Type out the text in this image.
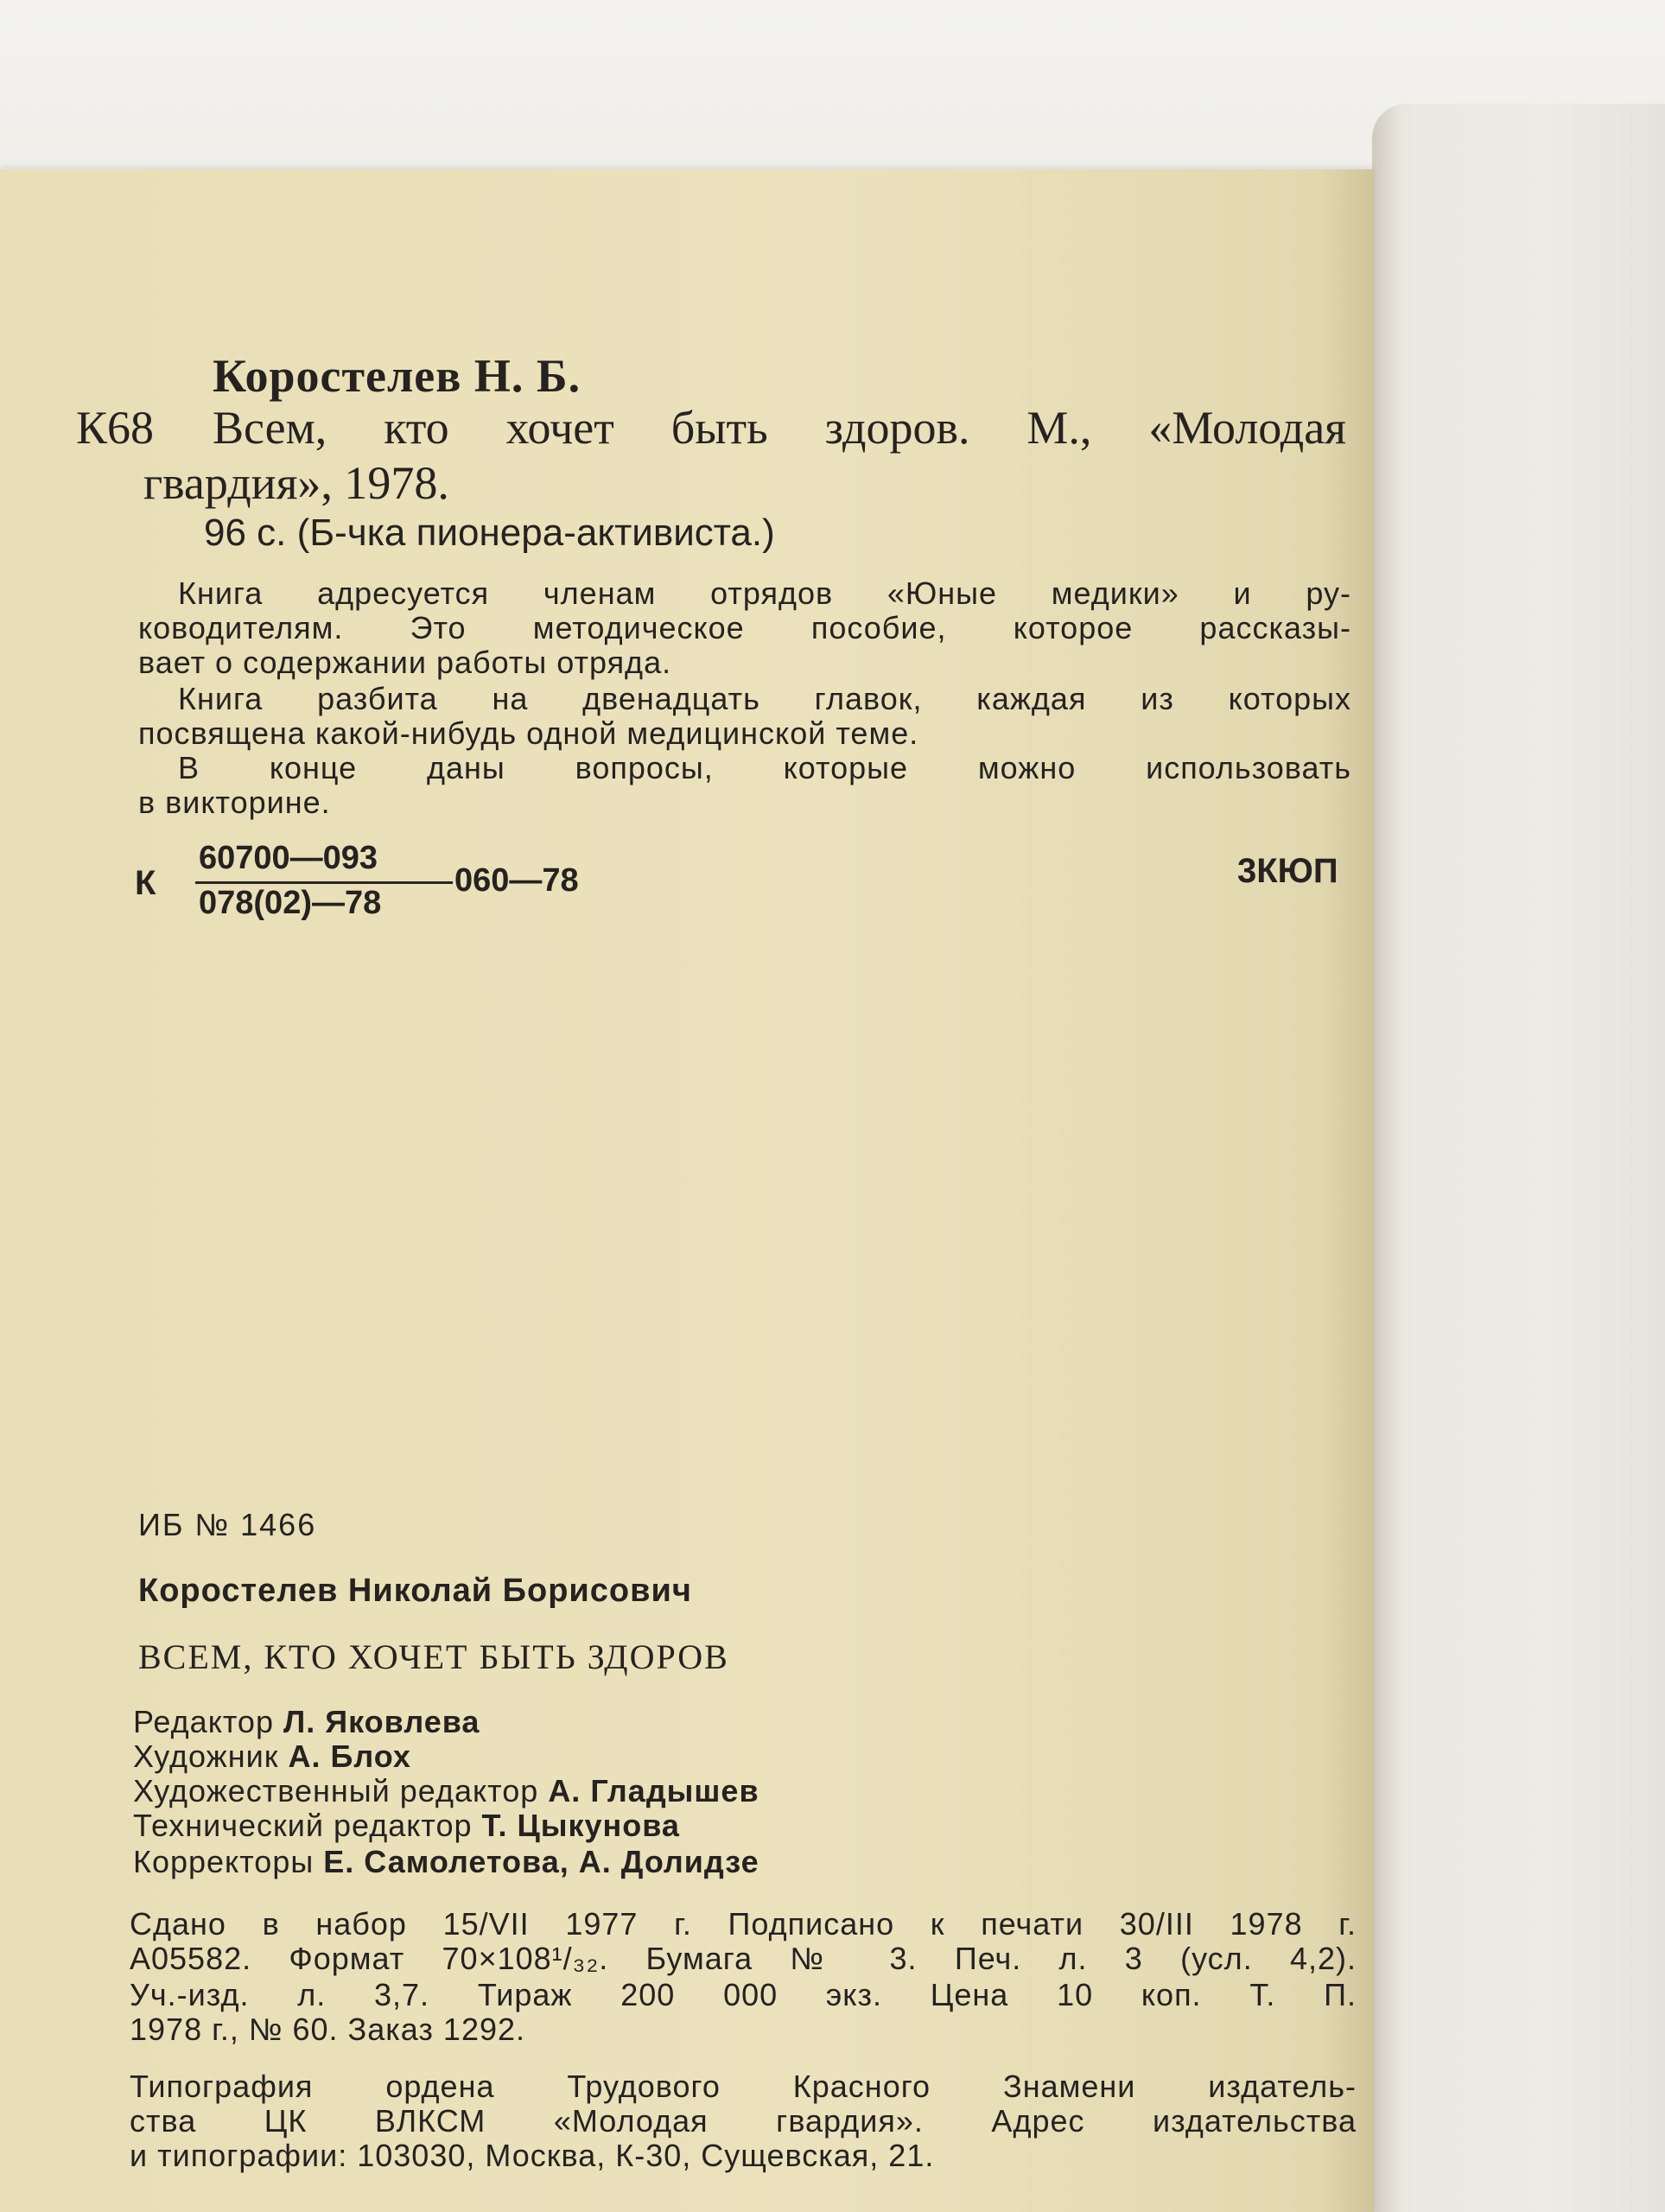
Коростелев Н. Б.

К68 Всем, кто хочет быть здоров. М., «Молодая

гвардия», 1978.

96 с. (Б-чка пионера-активиста.)

Книга адресуется членам отрядов «Юные медики» и ру-

ководителям. Это методическое пособие, которое рассказы-

вает о содержании работы отряда.

Книга разбита на двенадцать главок, каждая из которых

посвящена какой-нибудь одной медицинской теме.

В конце даны вопросы, которые можно использовать

в викторине.

К

60700—093

060—78

078(02)—78

3КЮП

ИБ № 1466

Коростелев Николай Борисович

ВСЕМ, КТО ХОЧЕТ БЫТЬ ЗДОРОВ

Редактор Л. Яковлева

Художник А. Блох

Художественный редактор А. Гладышев

Технический редактор Т. Цыкунова

Корректоры Е. Самолетова, А. Долидзе

Сдано в набор 15/VII 1977 г. Подписано к печати 30/III 1978 г.

А05582. Формат 70×108¹/₃₂. Бумага № 3. Печ. л. 3 (усл. 4,2).

Уч.-изд. л. 3,7. Тираж 200 000 экз. Цена 10 коп. Т. П.

1978 г., № 60. Заказ 1292.

Типография ордена Трудового Красного Знамени издатель-

ства ЦК ВЛКСМ «Молодая гвардия». Адрес издательства

и типографии: 103030, Москва, К-30, Сущевская, 21.
